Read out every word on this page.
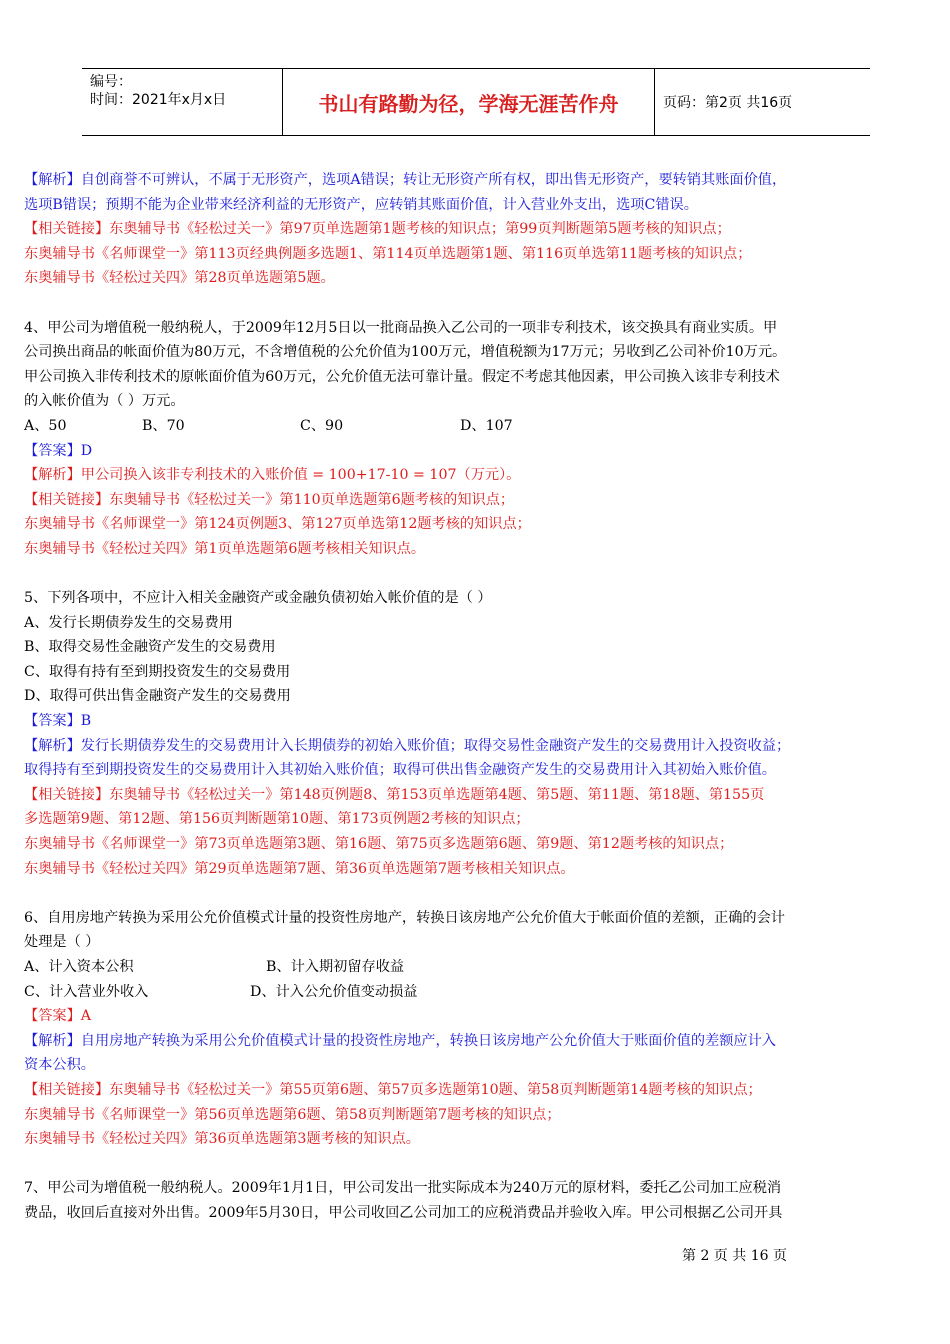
编号：
时间：2021年x月x日	书山有路勤为径，学海无涯苦作舟	页码：第2页 共16页
【解析】自创商誉不可辨认，不属于无形资产，选项A错误；转让无形资产所有权，即出售无形资产，要转销其账面价值，
选项B错误；预期不能为企业带来经济利益的无形资产，应转销其账面价值，计入营业外支出，选项C错误。
【相关链接】东奥辅导书《轻松过关一》第97页单选题第1题考核的知识点；第99页判断题第5题考核的知识点；
东奥辅导书《名师课堂一》第113页经典例题多选题1、第114页单选题第1题、第116页单选第11题考核的知识点；
东奥辅导书《轻松过关四》第28页单选题第5题。
4、甲公司为增值税一般纳税人，于2009年12月5日以一批商品换入乙公司的一项非专利技术，该交换具有商业实质。甲
公司换出商品的帐面价值为80万元，不含增值税的公允价值为100万元，增值税额为17万元；另收到乙公司补价10万元。
甲公司换入非传利技术的原帐面价值为60万元，公允价值无法可靠计量。假定不考虑其他因素，甲公司换入该非专利技术
的入帐价值为（ ）万元。
A、50	B、70	C、90	D、107
【答案】D
【解析】甲公司换入该非专利技术的入账价值 = 100+17-10 = 107（万元）。
【相关链接】东奥辅导书《轻松过关一》第110页单选题第6题考核的知识点；
东奥辅导书《名师课堂一》第124页例题3、第127页单选第12题考核的知识点；
东奥辅导书《轻松过关四》第1页单选题第6题考核相关知识点。
5、下列各项中，不应计入相关金融资产或金融负债初始入帐价值的是（ ）
A、发行长期债券发生的交易费用
B、取得交易性金融资产发生的交易费用
C、取得有持有至到期投资发生的交易费用
D、取得可供出售金融资产发生的交易费用
【答案】B
【解析】发行长期债券发生的交易费用计入长期债券的初始入账价值；取得交易性金融资产发生的交易费用计入投资收益；
取得持有至到期投资发生的交易费用计入其初始入账价值；取得可供出售金融资产发生的交易费用计入其初始入账价值。
【相关链接】东奥辅导书《轻松过关一》第148页例题8、第153页单选题第4题、第5题、第11题、第18题、第155页
多选题第9题、第12题、第156页判断题第10题、第173页例题2考核的知识点；
东奥辅导书《名师课堂一》第73页单选题第3题、第16题、第75页多选题第6题、第9题、第12题考核的知识点；
东奥辅导书《轻松过关四》第29页单选题第7题、第36页单选题第7题考核相关知识点。
6、自用房地产转换为采用公允价值模式计量的投资性房地产，转换日该房地产公允价值大于帐面价值的差额，正确的会计
处理是（ ）
A、计入资本公积	B、计入期初留存收益
C、计入营业外收入	D、计入公允价值变动损益
【答案】A
【解析】自用房地产转换为采用公允价值模式计量的投资性房地产，转换日该房地产公允价值大于账面价值的差额应计入
资本公积。
【相关链接】东奥辅导书《轻松过关一》第55页第6题、第57页多选题第10题、第58页判断题第14题考核的知识点；
东奥辅导书《名师课堂一》第56页单选题第6题、第58页判断题第7题考核的知识点；
东奥辅导书《轻松过关四》第36页单选题第3题考核的知识点。
7、甲公司为增值税一般纳税人。2009年1月1日，甲公司发出一批实际成本为240万元的原材料，委托乙公司加工应税消
费品，收回后直接对外出售。2009年5月30日，甲公司收回乙公司加工的应税消费品并验收入库。甲公司根据乙公司开具
第 2 页 共 16 页
